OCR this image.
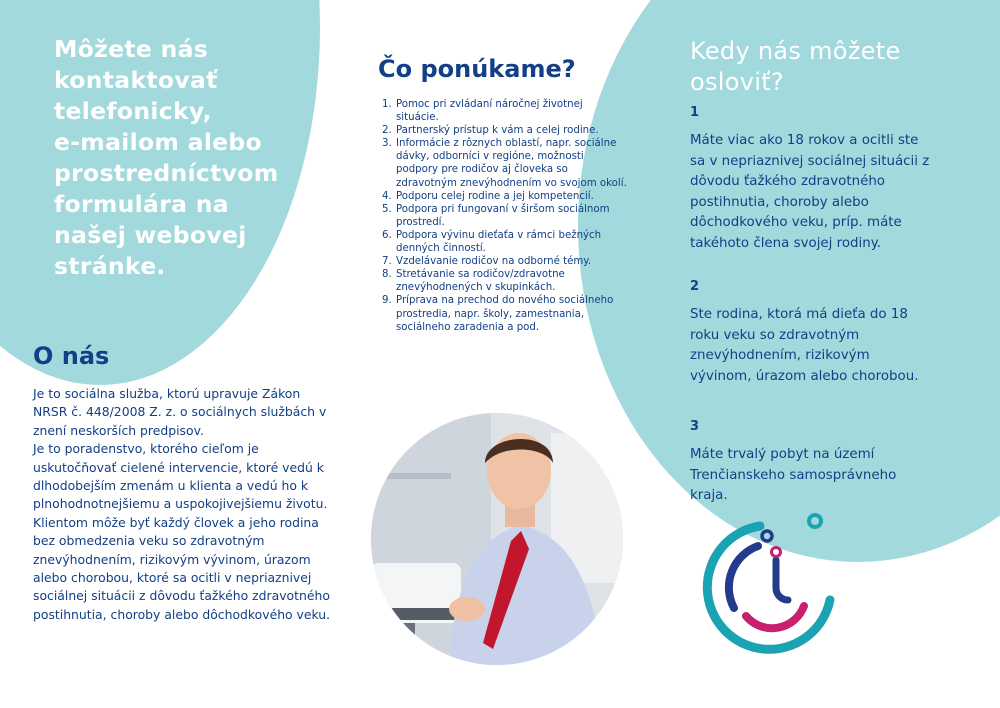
Môžete nás
kontaktovať
telefonicky,
e-mailom alebo
prostredníctvom
formulára na
našej webovej
stránke.
O nás

Je to sociálna služba, ktorú upravuje Zákon NRSR č. 448/2008 Z. z. o sociálnych službách v znení neskorších predpisov.

Je to poradenstvo, ktorého cieľom je uskutočňovať cielené intervencie, ktoré vedú k dlhodobejším zmenám u klienta a vedú ho k plnohodnotnejšiemu a uspokojivejšiemu životu.

Klientom môže byť každý človek a jeho rodina bez obmedzenia veku so zdravotným znevýhodnením, rizikovým vývinom, úrazom alebo chorobou, ktoré sa ocitli v nepriaznivej sociálnej situácii z dôvodu ťažkého zdravotného postihnutia, choroby alebo dôchodkového veku.

Čo ponúkame?
1. Pomoc pri zvládaní náročnej životnej situácie.
2. Partnerský prístup k vám a celej rodine.
3. Informácie z rôznych oblastí, napr. sociálne dávky, odborníci v regióne, možnosti podpory pre rodičov aj človeka so zdravotným znevýhodnením vo svojom okolí.
4. Podporu celej rodine a jej kompetencií.
5. Podpora pri fungovaní v širšom sociálnom prostredí.
6. Podpora vývinu dieťaťa v rámci bežných denných činností.
7. Vzdelávanie rodičov na odborné témy.
8. Stretávanie sa rodičov/zdravotne znevýhodnených v skupinkách.
9. Príprava na prechod do nového sociálneho prostredia, napr. školy, zamestnania, sociálneho zaradenia a pod.
Kedy nás môžete
osloviť?
1
Máte viac ako 18 rokov a ocitli ste sa v nepriaznivej sociálnej situácii z dôvodu ťažkého zdravotného postihnutia, choroby alebo dôchodkového veku, príp. máte takéhoto člena svojej rodiny.
2
Ste rodina, ktorá má dieťa do 18 roku veku so zdravotným znevýhodnením, rizikovým vývinom, úrazom alebo chorobou.
3
Máte trvalý pobyt na území Trenčianskeho samosprávneho kraja.
